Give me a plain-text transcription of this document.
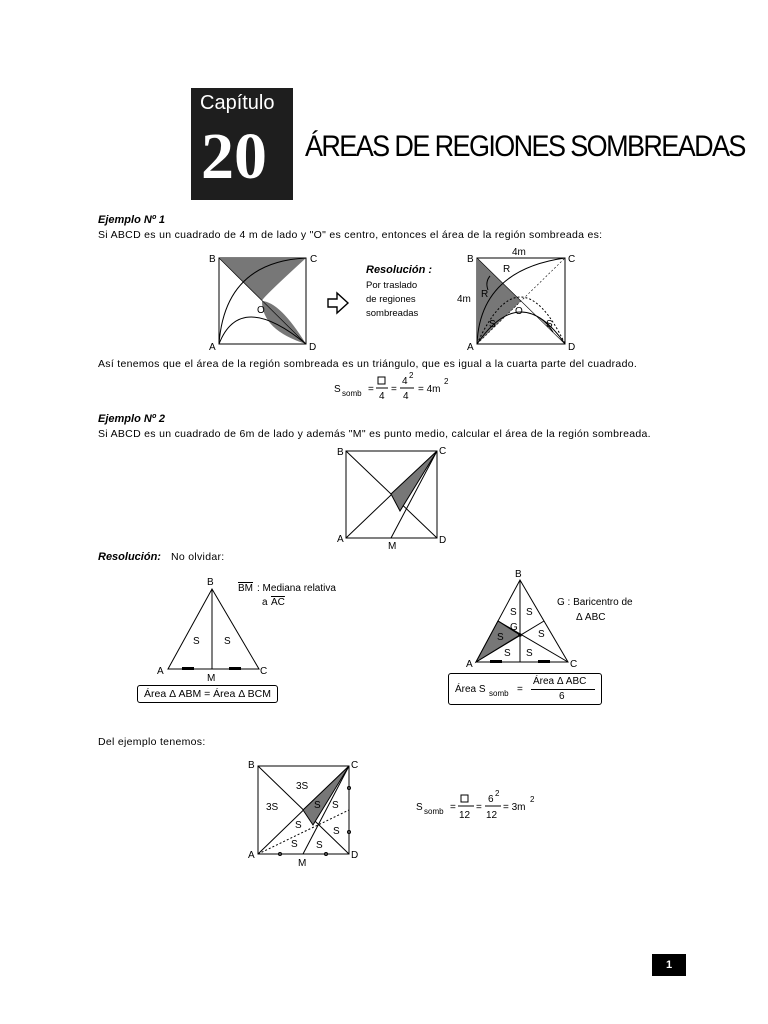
Capítulo
20 ÁREAS DE REGIONES SOMBREADAS
Ejemplo Nº 1
Si ABCD es un cuadrado de 4 m de lado y "O" es centro, entonces el área de la región sombreada es:
B	C
A	D
O
B	C
A	D
4m
4m
R
R
O
S	S
Resolución :
Por traslado
de regiones
sombreadas
Así tenemos que el área de la región sombreada es un triángulo, que es igual a la cuarta parte del cuadrado.
S somb =
4
=
4
2
4
= 4m
2
Ejemplo Nº 2
Si ABCD es un cuadrado de 6m de lado y además "M" es punto medio, calcular el área de la región sombreada.
B	C
A	D
M
Resolución: No olvidar:
B
A	C
M
S S
BM : Mediana relativa
a AC
Área Δ ABM = Área Δ BCM
B
A	C
G
S S
S	S
S S
G : Baricentro de
Δ ABC
Área S somb =
Área Δ ABC
6
Del ejemplo tenemos:
B	C
A	D
M
3S
3S	S S
S
S
S S
S somb =
12
=
6
2
12
= 3m
2
1
